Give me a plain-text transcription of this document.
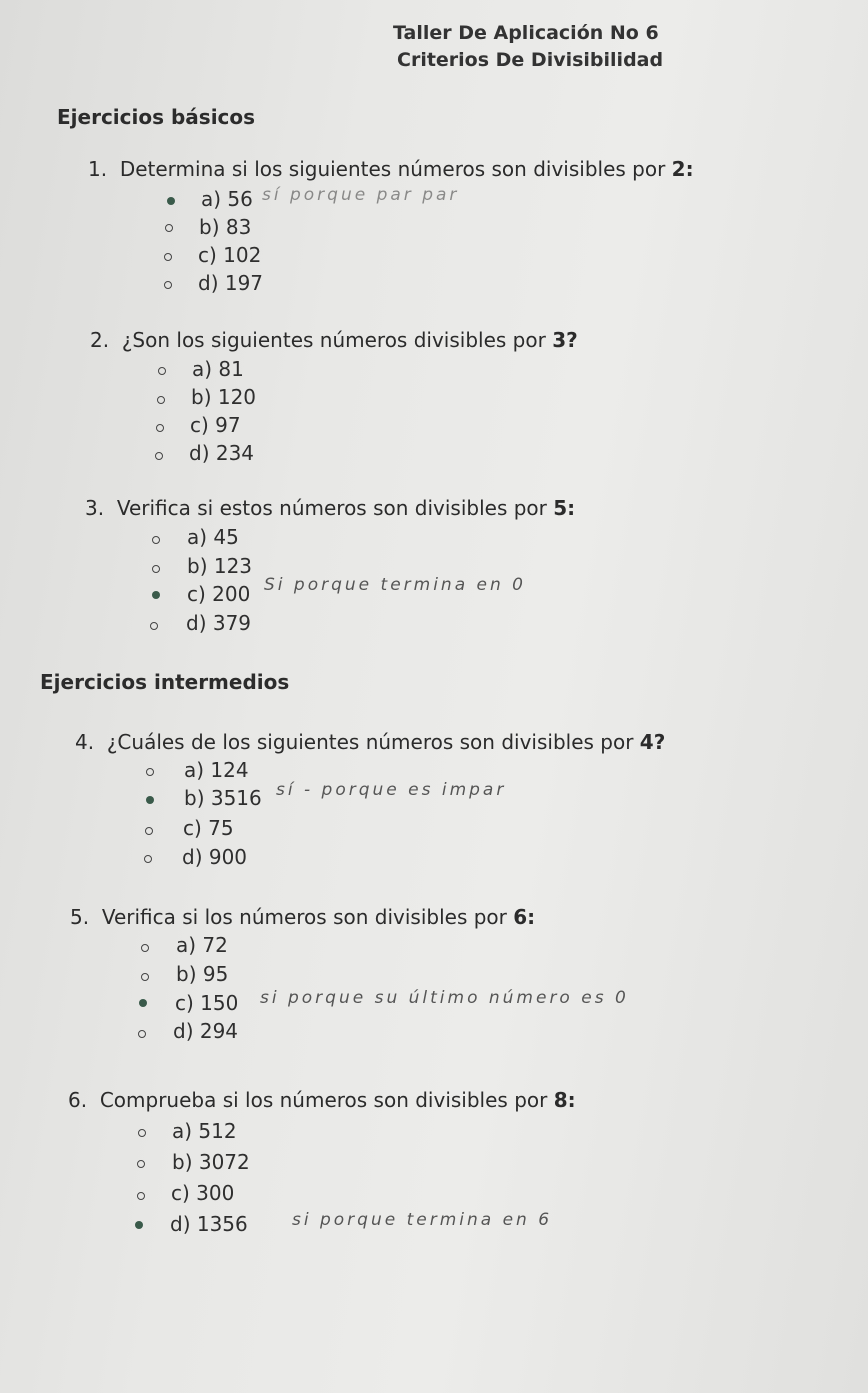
Taller De Aplicación No 6
Criterios De Divisibilidad
Ejercicios básicos
1. Determina si los siguientes números son divisibles por 2:
a) 56 sí porque par par
b) 83
c) 102
d) 197
2. ¿Son los siguientes números divisibles por 3?
a) 81
b) 120
c) 97
d) 234
3. Verifica si estos números son divisibles por 5:
a) 45
b) 123
c) 200 Si porque termina en 0
d) 379
Ejercicios intermedios
4. ¿Cuáles de los siguientes números son divisibles por 4?
a) 124
b) 3516 sí - porque es impar
c) 75
d) 900
5. Verifica si los números son divisibles por 6:
a) 72
b) 95
c) 150 si porque su último número es 0
d) 294
6. Comprueba si los números son divisibles por 8:
a) 512
b) 3072
c) 300
d) 1356	si porque termina en 6
